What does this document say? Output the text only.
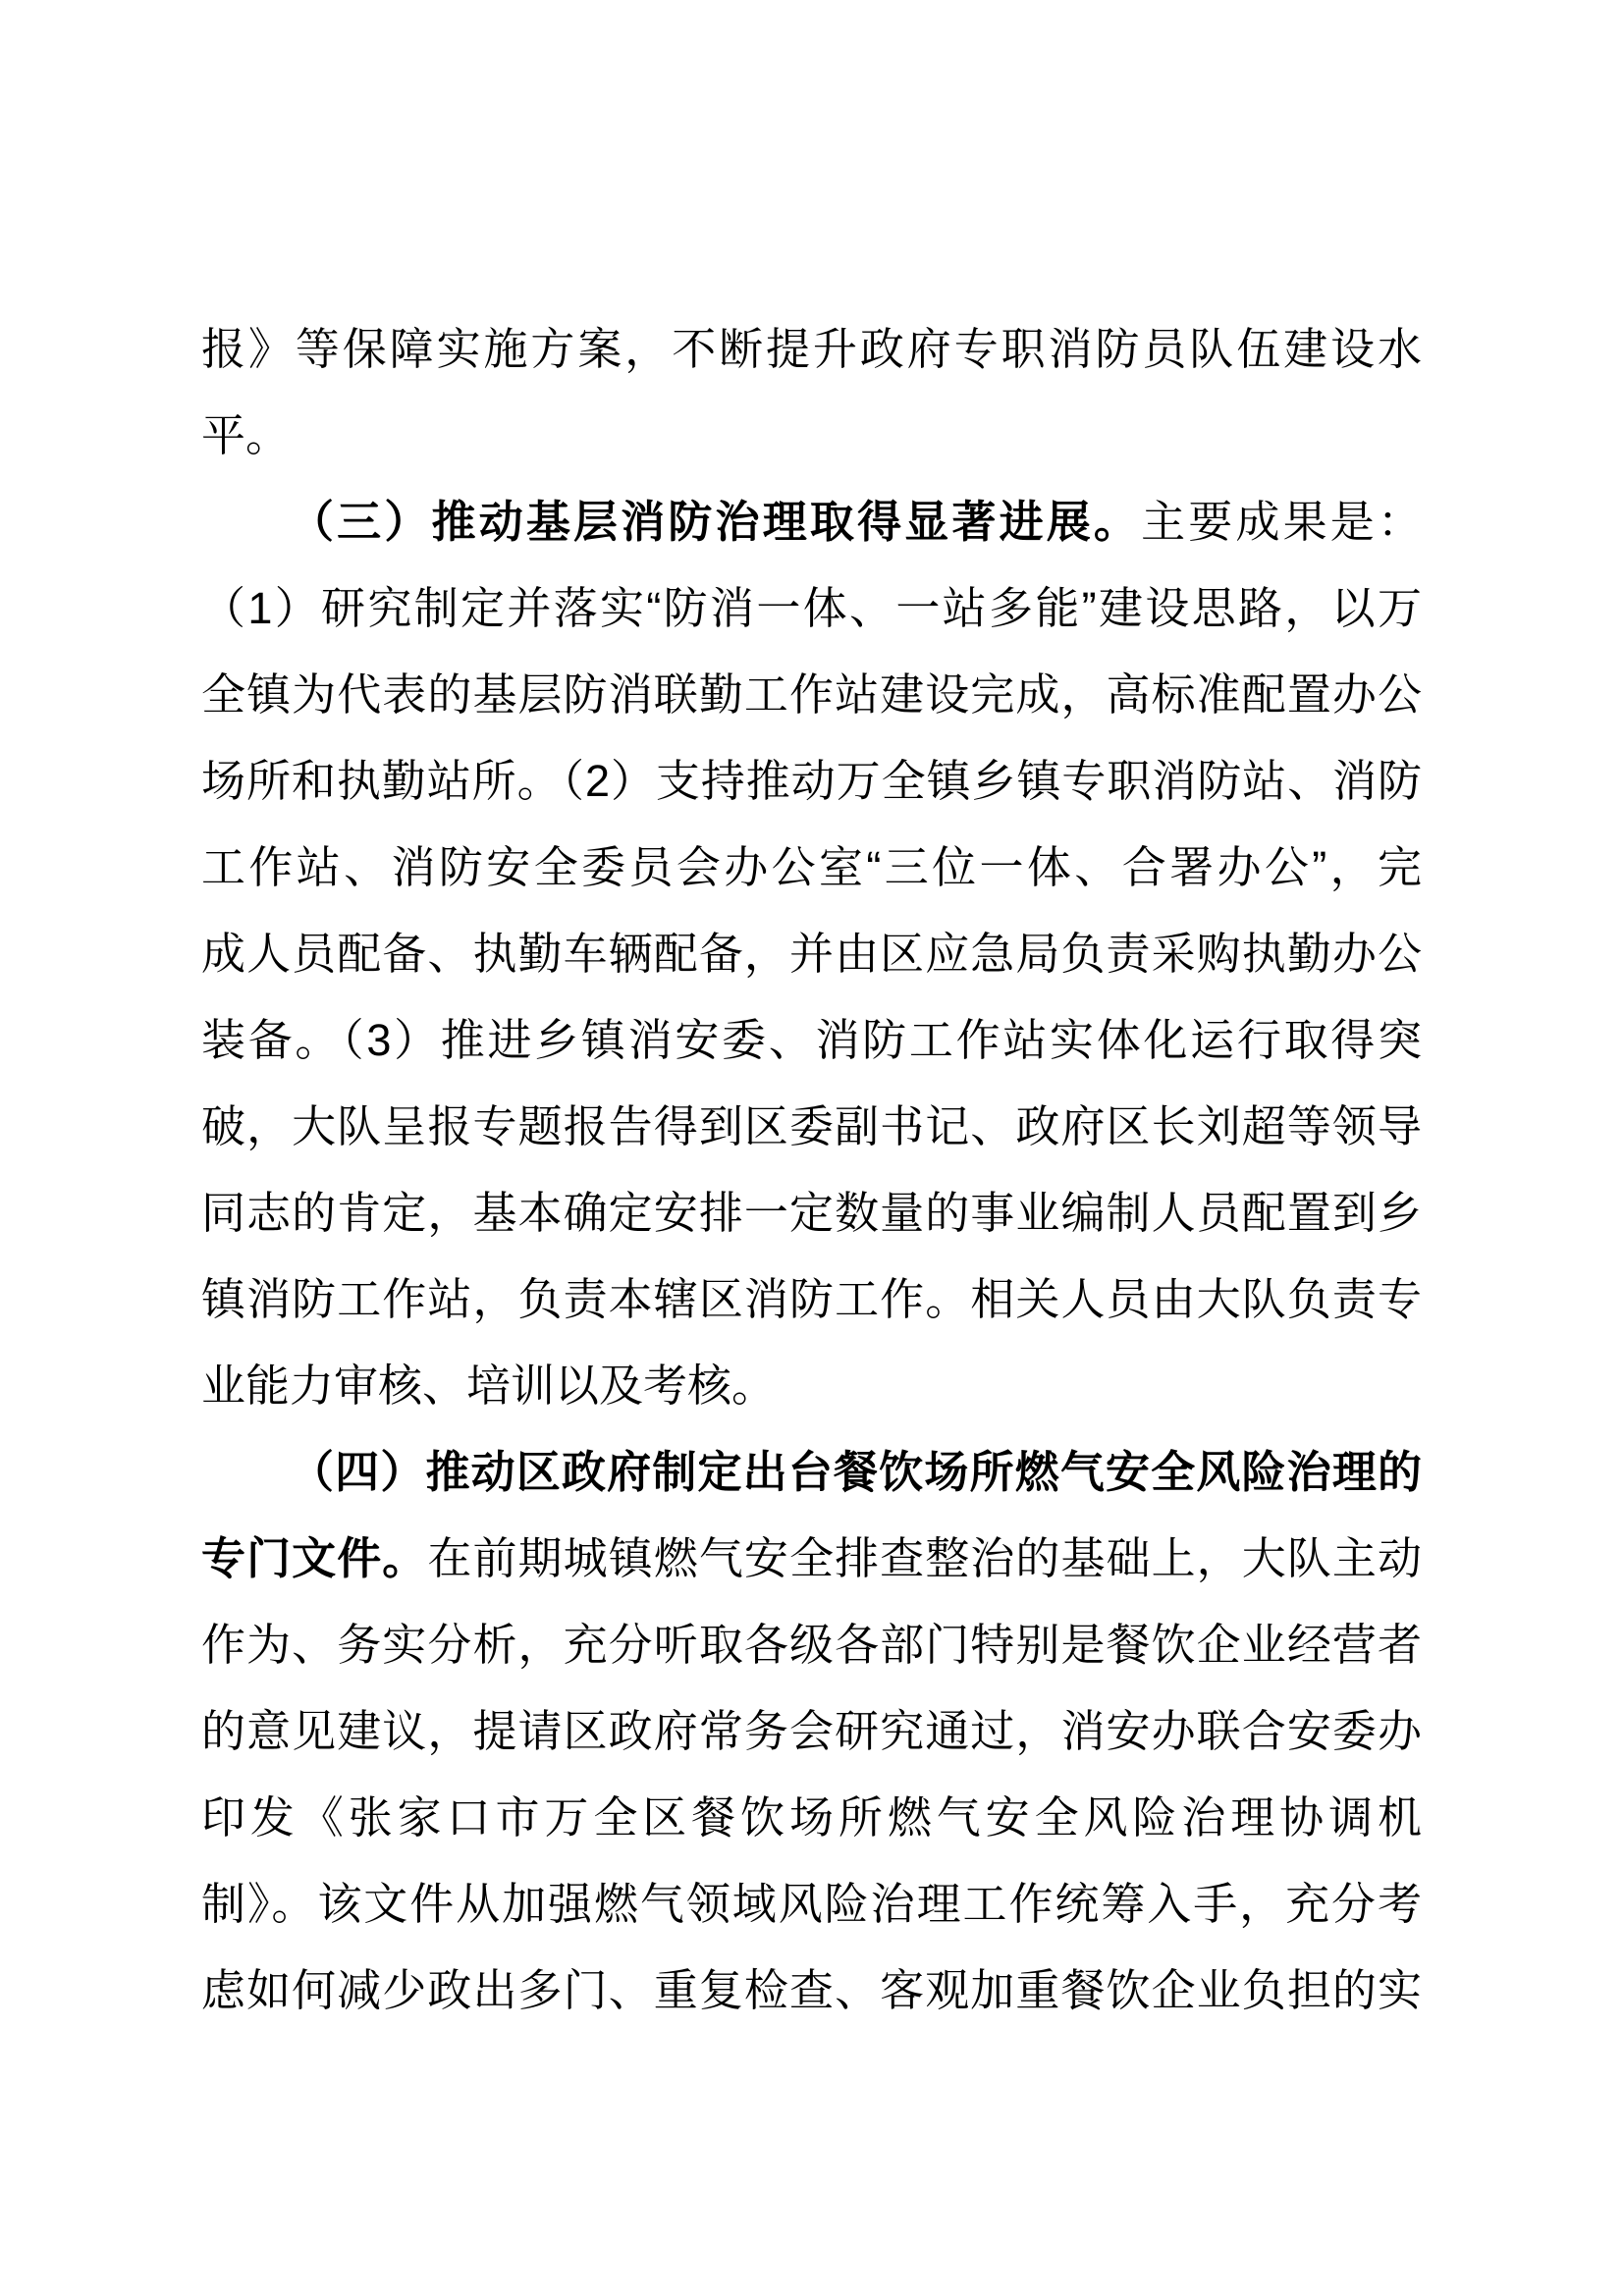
报》等保障实施方案，不断提升政府专职消防员队伍建设水
平。
（三）推动基层消防治理取得显著进展。主要成果是：
（1）研究制定并落实“防消一体、一站多能”建设思路，以万
全镇为代表的基层防消联勤工作站建设完成，高标准配置办公
场所和执勤站所。（2）支持推动万全镇乡镇专职消防站、消防
工作站、消防安全委员会办公室“三位一体、合署办公”，完
成人员配备、执勤车辆配备，并由区应急局负责采购执勤办公
装备。（3）推进乡镇消安委、消防工作站实体化运行取得突
破，大队呈报专题报告得到区委副书记、政府区长刘超等领导
同志的肯定，基本确定安排一定数量的事业编制人员配置到乡
镇消防工作站，负责本辖区消防工作。相关人员由大队负责专
业能力审核、培训以及考核。
（四）推动区政府制定出台餐饮场所燃气安全风险治理的
专门文件。在前期城镇燃气安全排查整治的基础上，大队主动
作为、务实分析，充分听取各级各部门特别是餐饮企业经营者
的意见建议，提请区政府常务会研究通过，消安办联合安委办
印发《张家口市万全区餐饮场所燃气安全风险治理协调机
制》。该文件从加强燃气领域风险治理工作统筹入手，充分考
虑如何减少政出多门、重复检查、客观加重餐饮企业负担的实
